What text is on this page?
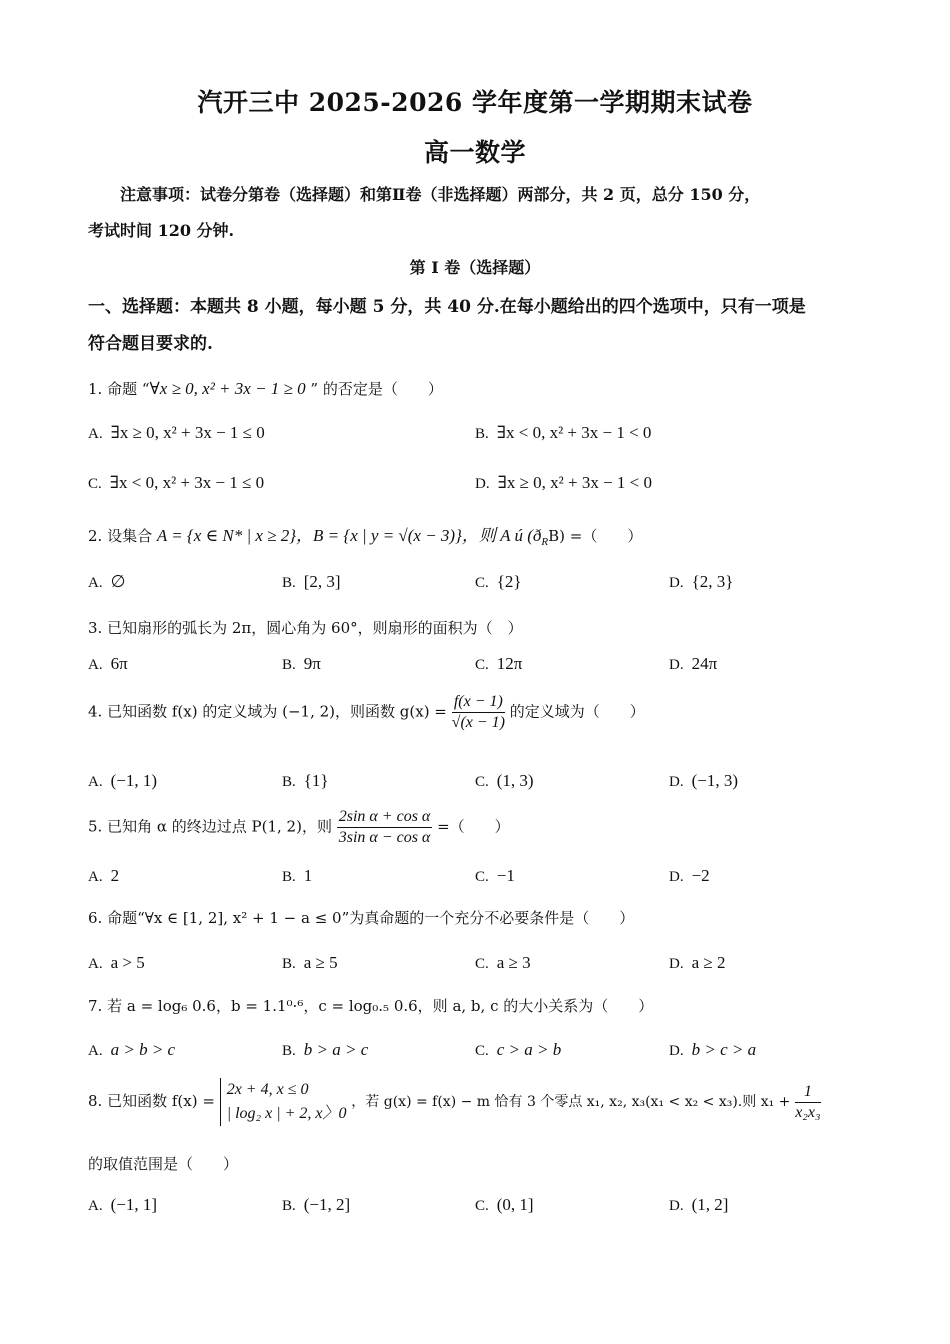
汽开三中 2025-2026 学年度第一学期期末试卷
高一数学
注意事项：试卷分第卷（选择题）和第Ⅱ卷（非选择题）两部分，共 2 页，总分 150 分，
考试时间 120 分钟.
第 I 卷（选择题）
一、选择题：本题共 8 小题，每小题 5 分，共 40 分.在每小题给出的四个选项中，只有一项是
符合题目要求的.
1. 命题 “∀x ≥ 0, x² + 3x − 1 ≥ 0 ” 的否定是（　　）
A. ∃x ≥ 0, x² + 3x − 1 ≤ 0	B. ∃x < 0, x² + 3x − 1 < 0
C. ∃x < 0, x² + 3x − 1 ≤ 0	D. ∃x ≥ 0, x² + 3x − 1 < 0
2. 设集合 A = {x ∈ N* | x ≥ 2}，B = {x | y = √(x − 3)}，则 A ú $(ð_RB)$ =（　　）
A. ∅	B. [2, 3]	C. {2}	D. {2, 3}
3. 已知扇形的弧长为 2π，圆心角为 60°，则扇形的面积为（　）
A. 6π	B. 9π	C. 12π	D. 24π
4. 已知函数 f(x) 的定义域为 (−1, 2)，则函数 $g(x) = \frac{f(x - 1)}{√(x - 1)}$ 的定义域为（　　）
A. (−1, 1)	B. {1}	C. (1, 3)	D. (−1, 3)
5. 已知角 α 的终边过点 P(1, 2)，则 $\frac{\text{2sin α + cos α}}{\text{3sin α − cos α}}$ =（　　）
A. 2	B. 1	C. −1	D. −2
6. 命题“∀x ∈ [1, 2], x² + 1 − a ≤ 0”为真命题的一个充分不必要条件是（　　）
A. a > 5	B. a ≥ 5	C. a ≥ 3	D. a ≥ 2
7. 若 a = log₆ 0.6，b = 1.1⁰·⁶，c = log₀.₅ 0.6，则 a, b, c 的大小关系为（　　）
A. a > b > c	B. b > a > c	C. c > a > b	D. b > c > a
8. 已知函数 f(x) =
2x + 4, x ≤ 0
| log₂ x | + 2, x〉0
，若 g(x) = f(x) − m 恰有 3 个零点 x₁, x₂, x₃(x₁ < x₂ < x₃).则 $x_1 + \frac{1}{\text{x₂x₃}}$
的取值范围是（　　）
A. (−1, 1]	B. (−1, 2]	C. (0, 1]	D. (1, 2]
